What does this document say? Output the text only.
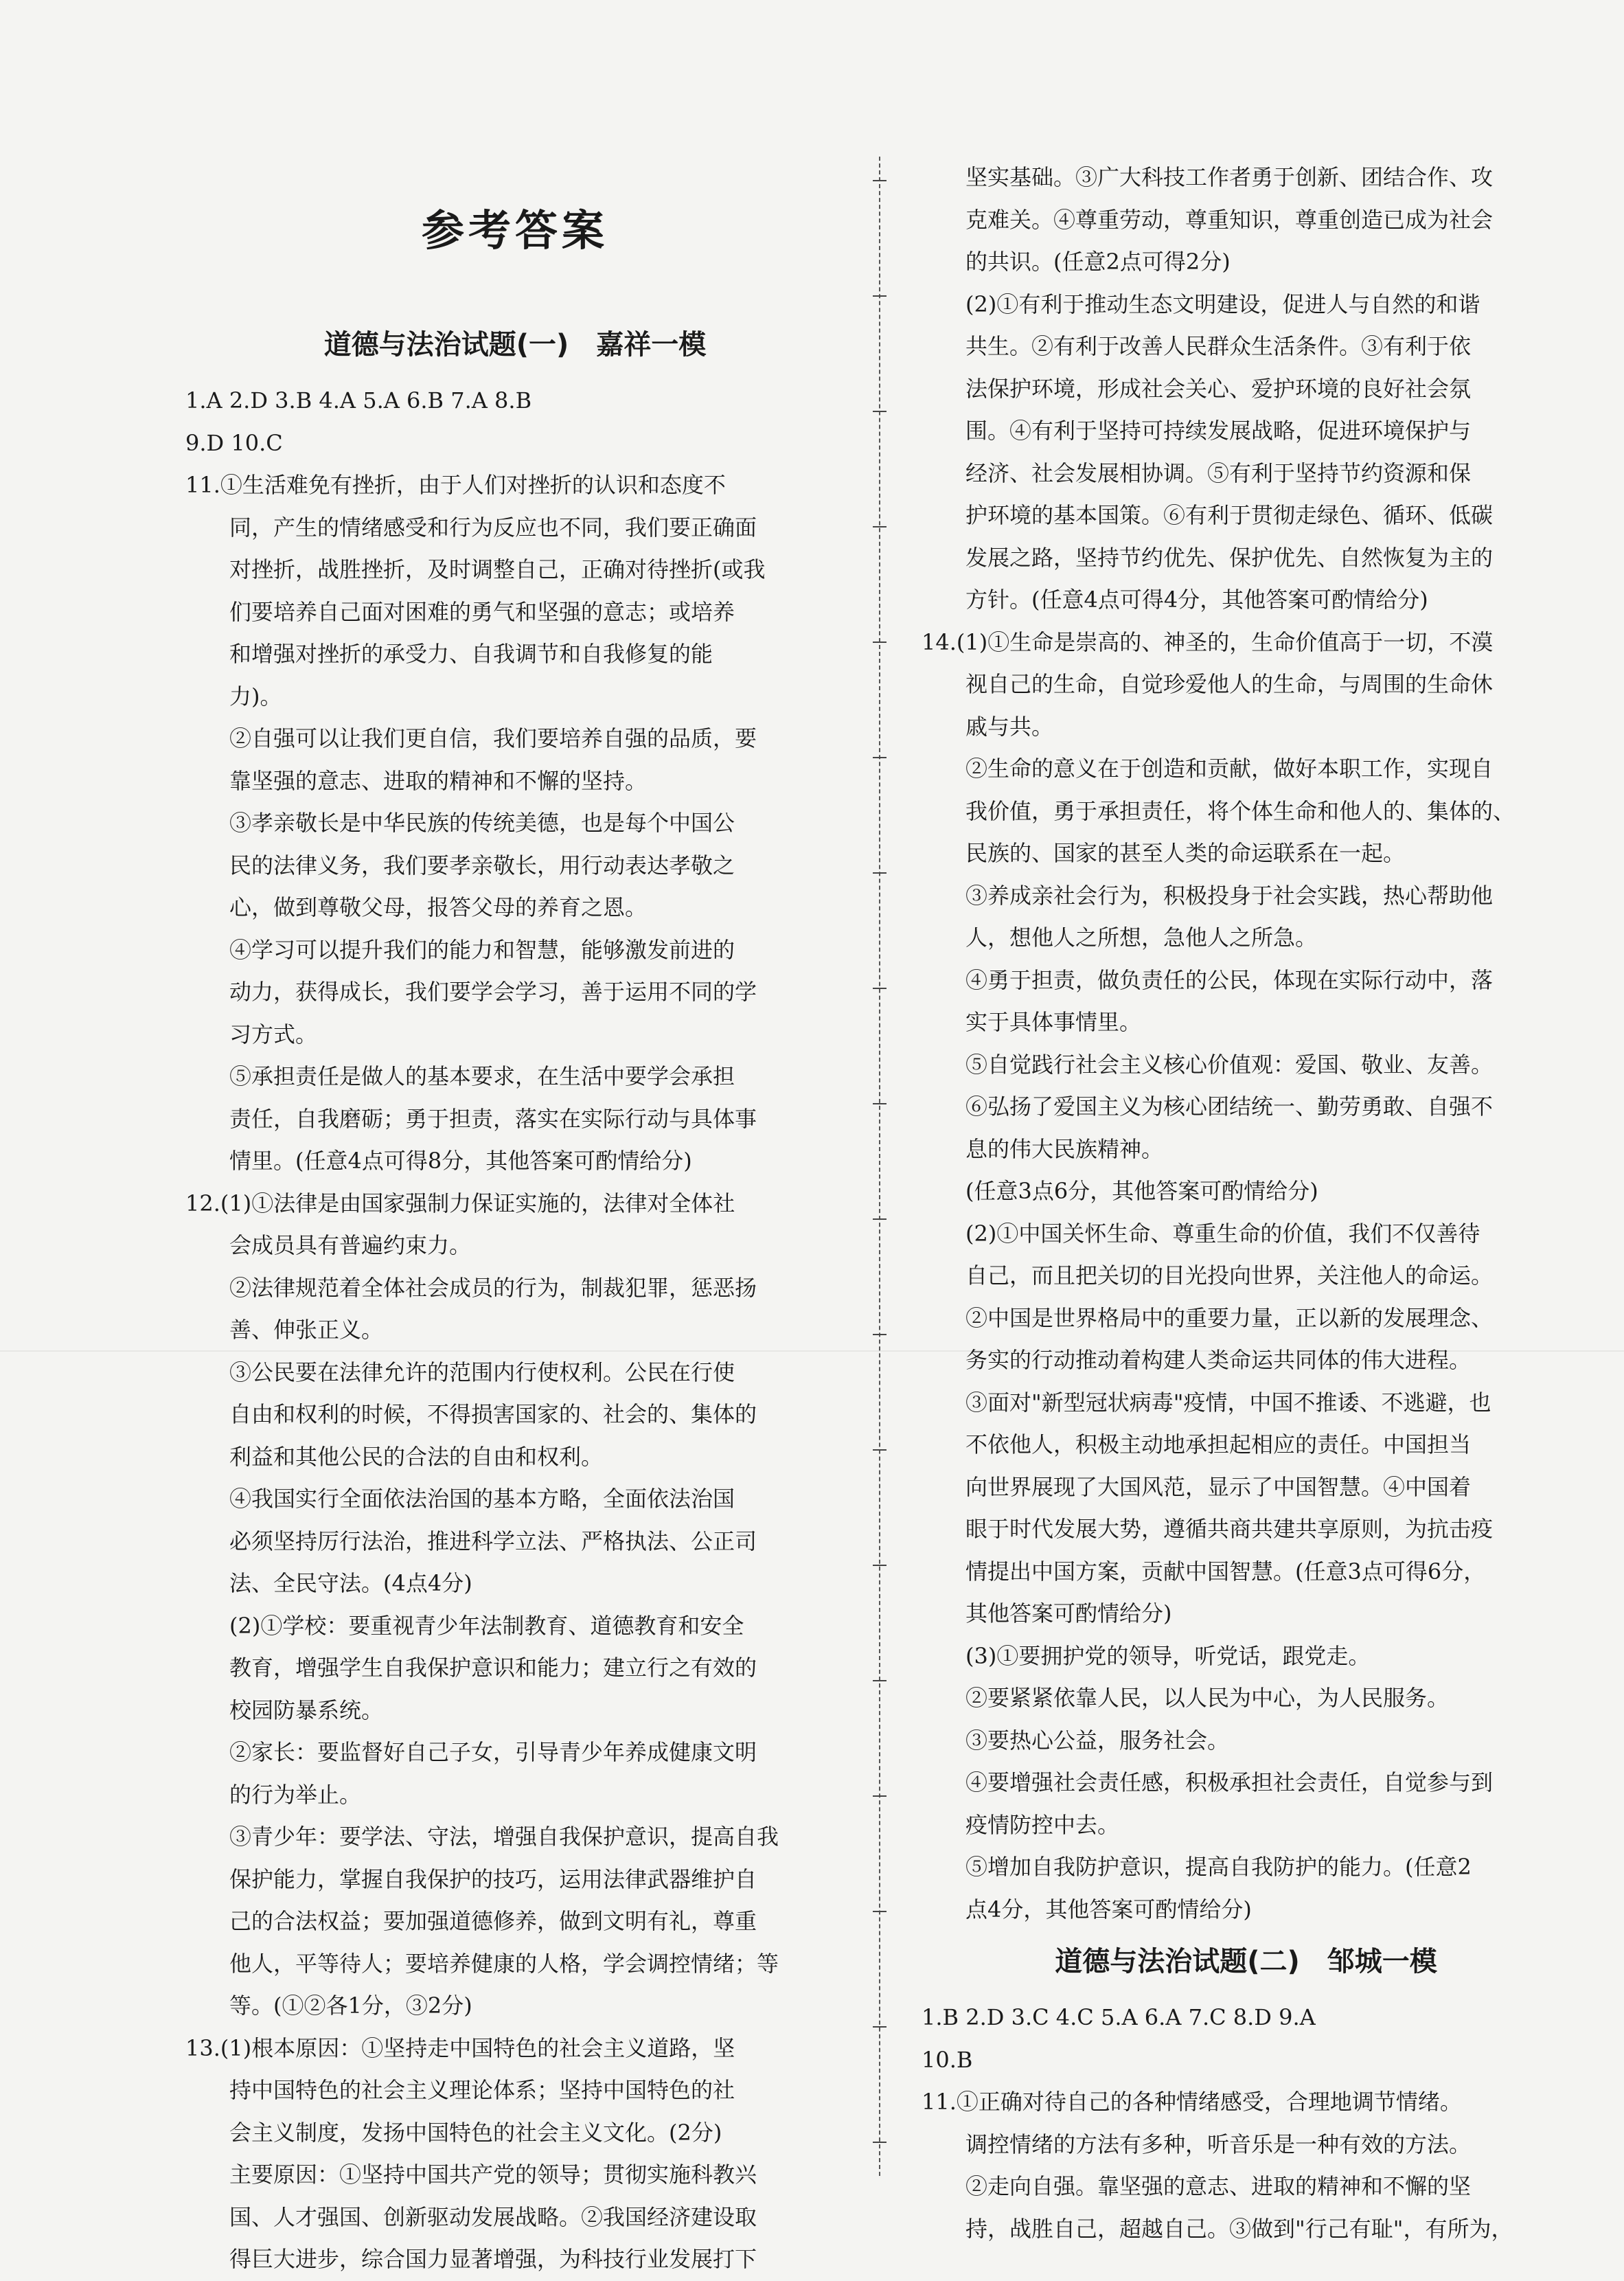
参考答案
道德与法治试题(一) 嘉祥一模
1.A 2.D 3.B 4.A 5.A 6.B 7.A 8.B
9.D 10.C
11.①生活难免有挫折，由于人们对挫折的认识和态度不
同，产生的情绪感受和行为反应也不同，我们要正确面
对挫折，战胜挫折，及时调整自己，正确对待挫折(或我
们要培养自己面对困难的勇气和坚强的意志；或培养
和增强对挫折的承受力、自我调节和自我修复的能
力)。
②自强可以让我们更自信，我们要培养自强的品质，要
靠坚强的意志、进取的精神和不懈的坚持。
③孝亲敬长是中华民族的传统美德，也是每个中国公
民的法律义务，我们要孝亲敬长，用行动表达孝敬之
心，做到尊敬父母，报答父母的养育之恩。
④学习可以提升我们的能力和智慧，能够激发前进的
动力，获得成长，我们要学会学习，善于运用不同的学
习方式。
⑤承担责任是做人的基本要求，在生活中要学会承担
责任，自我磨砺；勇于担责，落实在实际行动与具体事
情里。(任意4点可得8分，其他答案可酌情给分)
12.(1)①法律是由国家强制力保证实施的，法律对全体社
会成员具有普遍约束力。
②法律规范着全体社会成员的行为，制裁犯罪，惩恶扬
善、伸张正义。
③公民要在法律允许的范围内行使权利。公民在行使
自由和权利的时候，不得损害国家的、社会的、集体的
利益和其他公民的合法的自由和权利。
④我国实行全面依法治国的基本方略，全面依法治国
必须坚持厉行法治，推进科学立法、严格执法、公正司
法、全民守法。(4点4分)
(2)①学校：要重视青少年法制教育、道德教育和安全
教育，增强学生自我保护意识和能力；建立行之有效的
校园防暴系统。
②家长：要监督好自己子女，引导青少年养成健康文明
的行为举止。
③青少年：要学法、守法，增强自我保护意识，提高自我
保护能力，掌握自我保护的技巧，运用法律武器维护自
己的合法权益；要加强道德修养，做到文明有礼，尊重
他人，平等待人；要培养健康的人格，学会调控情绪；等
等。(①②各1分，③2分)
13.(1)根本原因：①坚持走中国特色的社会主义道路，坚
持中国特色的社会主义理论体系；坚持中国特色的社
会主义制度，发扬中国特色的社会主义文化。(2分)
主要原因：①坚持中国共产党的领导；贯彻实施科教兴
国、人才强国、创新驱动发展战略。②我国经济建设取
得巨大进步，综合国力显著增强，为科技行业发展打下
坚实基础。③广大科技工作者勇于创新、团结合作、攻
克难关。④尊重劳动，尊重知识，尊重创造已成为社会
的共识。(任意2点可得2分)
(2)①有利于推动生态文明建设，促进人与自然的和谐
共生。②有利于改善人民群众生活条件。③有利于依
法保护环境，形成社会关心、爱护环境的良好社会氛
围。④有利于坚持可持续发展战略，促进环境保护与
经济、社会发展相协调。⑤有利于坚持节约资源和保
护环境的基本国策。⑥有利于贯彻走绿色、循环、低碳
发展之路，坚持节约优先、保护优先、自然恢复为主的
方针。(任意4点可得4分，其他答案可酌情给分)
14.(1)①生命是崇高的、神圣的，生命价值高于一切，不漠
视自己的生命，自觉珍爱他人的生命，与周围的生命休
戚与共。
②生命的意义在于创造和贡献，做好本职工作，实现自
我价值，勇于承担责任，将个体生命和他人的、集体的、
民族的、国家的甚至人类的命运联系在一起。
③养成亲社会行为，积极投身于社会实践，热心帮助他
人，想他人之所想，急他人之所急。
④勇于担责，做负责任的公民，体现在实际行动中，落
实于具体事情里。
⑤自觉践行社会主义核心价值观：爱国、敬业、友善。
⑥弘扬了爱国主义为核心团结统一、勤劳勇敢、自强不
息的伟大民族精神。
(任意3点6分，其他答案可酌情给分)
(2)①中国关怀生命、尊重生命的价值，我们不仅善待
自己，而且把关切的目光投向世界，关注他人的命运。
②中国是世界格局中的重要力量，正以新的发展理念、
务实的行动推动着构建人类命运共同体的伟大进程。
③面对"新型冠状病毒"疫情，中国不推诿、不逃避，也
不依他人，积极主动地承担起相应的责任。中国担当
向世界展现了大国风范，显示了中国智慧。④中国着
眼于时代发展大势，遵循共商共建共享原则，为抗击疫
情提出中国方案，贡献中国智慧。(任意3点可得6分，
其他答案可酌情给分)
(3)①要拥护党的领导，听党话，跟党走。
②要紧紧依靠人民，以人民为中心，为人民服务。
③要热心公益，服务社会。
④要增强社会责任感，积极承担社会责任，自觉参与到
疫情防控中去。
⑤增加自我防护意识，提高自我防护的能力。(任意2
点4分，其他答案可酌情给分)
道德与法治试题(二) 邹城一模
1.B 2.D 3.C 4.C 5.A 6.A 7.C 8.D 9.A
10.B
11.①正确对待自己的各种情绪感受，合理地调节情绪。
调控情绪的方法有多种，听音乐是一种有效的方法。
②走向自强。靠坚强的意志、进取的精神和不懈的坚
持，战胜自己，超越自己。③做到"行己有耻"，有所为，
